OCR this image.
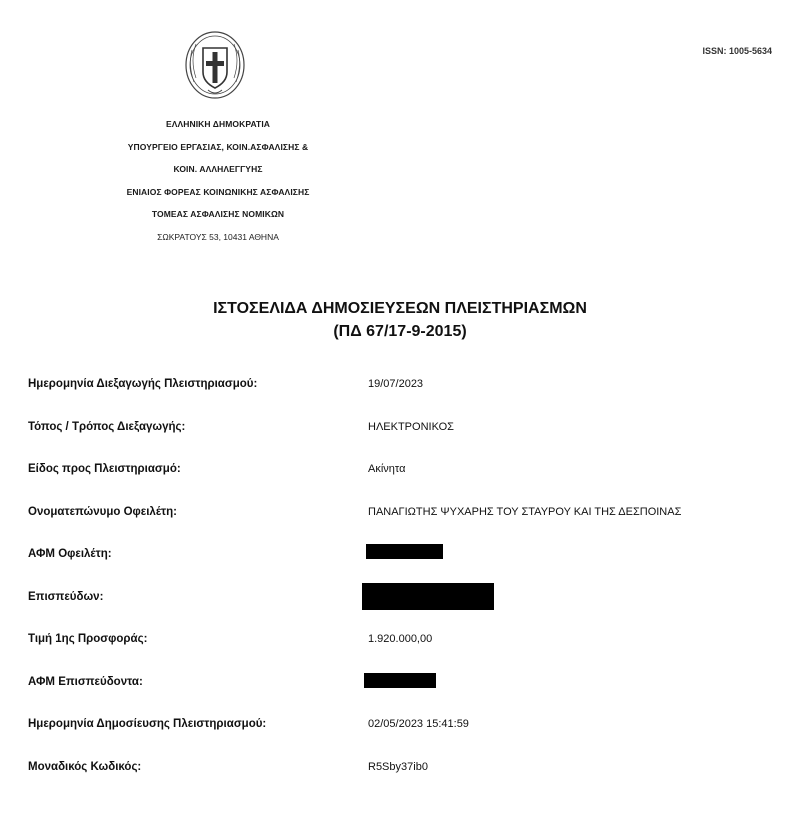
ISSN: 1005-5634
ΕΛΛΗΝΙΚΗ ΔΗΜΟΚΡΑΤΙΑ
ΥΠΟΥΡΓΕΙΟ ΕΡΓΑΣΙΑΣ, ΚΟΙΝ.ΑΣΦΑΛΙΣΗΣ &
ΚΟΙΝ. ΑΛΛΗΛΕΓΓΥΗΣ
ΕΝΙΑΙΟΣ ΦΟΡΕΑΣ ΚΟΙΝΩΝΙΚΗΣ ΑΣΦΑΛΙΣΗΣ
ΤΟΜΕΑΣ ΑΣΦΑΛΙΣΗΣ ΝΟΜΙΚΩΝ
ΣΩΚΡΑΤΟΥΣ 53, 10431 ΑΘΗΝΑ
ΙΣΤΟΣΕΛΙΔΑ ΔΗΜΟΣΙΕΥΣΕΩΝ ΠΛΕΙΣΤΗΡΙΑΣΜΩΝ
(ΠΔ 67/17-9-2015)
Ημερομηνία Διεξαγωγής Πλειστηριασμού:	19/07/2023
Τόπος / Τρόπος Διεξαγωγής:	ΗΛΕΚΤΡΟΝΙΚΟΣ
Είδος προς Πλειστηριασμό:	Ακίνητα
Ονοματεπώνυμο Οφειλέτη:	ΠΑΝΑΓΙΩΤΗΣ ΨΥΧΑΡΗΣ ΤΟΥ ΣΤΑΥΡΟΥ ΚΑΙ ΤΗΣ ΔΕΣΠΟΙΝΑΣ
ΑΦΜ Οφειλέτη:
Επισπεύδων:
Τιμή 1ης Προσφοράς:	1.920.000,00
ΑΦΜ Επισπεύδοντα:
Ημερομηνία Δημοσίευσης Πλειστηριασμού:	02/05/2023 15:41:59
Μοναδικός Κωδικός:	R5Sby37ib0
